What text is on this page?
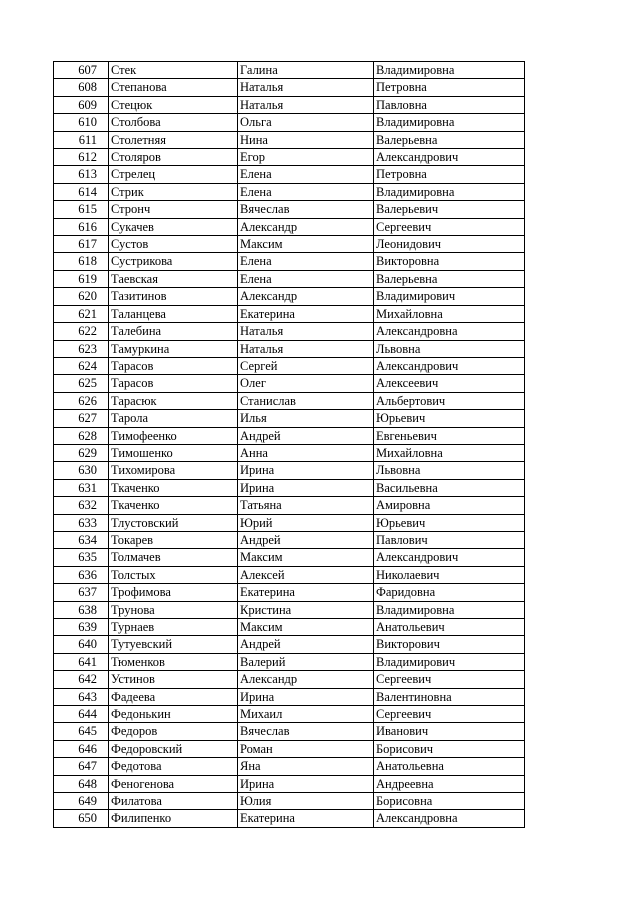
607	Стек	Галина	Владимировна
608	Степанова	Наталья	Петровна
609	Стецюк	Наталья	Павловна
610	Столбова	Ольга	Владимировна
611	Столетняя	Нина	Валерьевна
612	Столяров	Егор	Александрович
613	Стрелец	Елена	Петровна
614	Стрик	Елена	Владимировна
615	Стронч	Вячеслав	Валерьевич
616	Сукачев	Александр	Сергеевич
617	Сустов	Максим	Леонидович
618	Сустрикова	Елена	Викторовна
619	Таевская	Елена	Валерьевна
620	Тазитинов	Александр	Владимирович
621	Таланцева	Екатерина	Михайловна
622	Талебина	Наталья	Александровна
623	Тамуркина	Наталья	Львовна
624	Тарасов	Сергей	Александрович
625	Тарасов	Олег	Алексеевич
626	Тарасюк	Станислав	Альбертович
627	Тарола	Илья	Юрьевич
628	Тимофеенко	Андрей	Евгеньевич
629	Тимошенко	Анна	Михайловна
630	Тихомирова	Ирина	Львовна
631	Ткаченко	Ирина	Васильевна
632	Ткаченко	Татьяна	Амировна
633	Тлустовский	Юрий	Юрьевич
634	Токарев	Андрей	Павлович
635	Толмачев	Максим	Александрович
636	Толстых	Алексей	Николаевич
637	Трофимова	Екатерина	Фаридовна
638	Трунова	Кристина	Владимировна
639	Турнаев	Максим	Анатольевич
640	Тутуевский	Андрей	Викторович
641	Тюменков	Валерий	Владимирович
642	Устинов	Александр	Сергеевич
643	Фадеева	Ирина	Валентиновна
644	Федонькин	Михаил	Сергеевич
645	Федоров	Вячеслав	Иванович
646	Федоровский	Роман	Борисович
647	Федотова	Яна	Анатольевна
648	Феногенова	Ирина	Андреевна
649	Филатова	Юлия	Борисовна
650	Филипенко	Екатерина	Александровна
